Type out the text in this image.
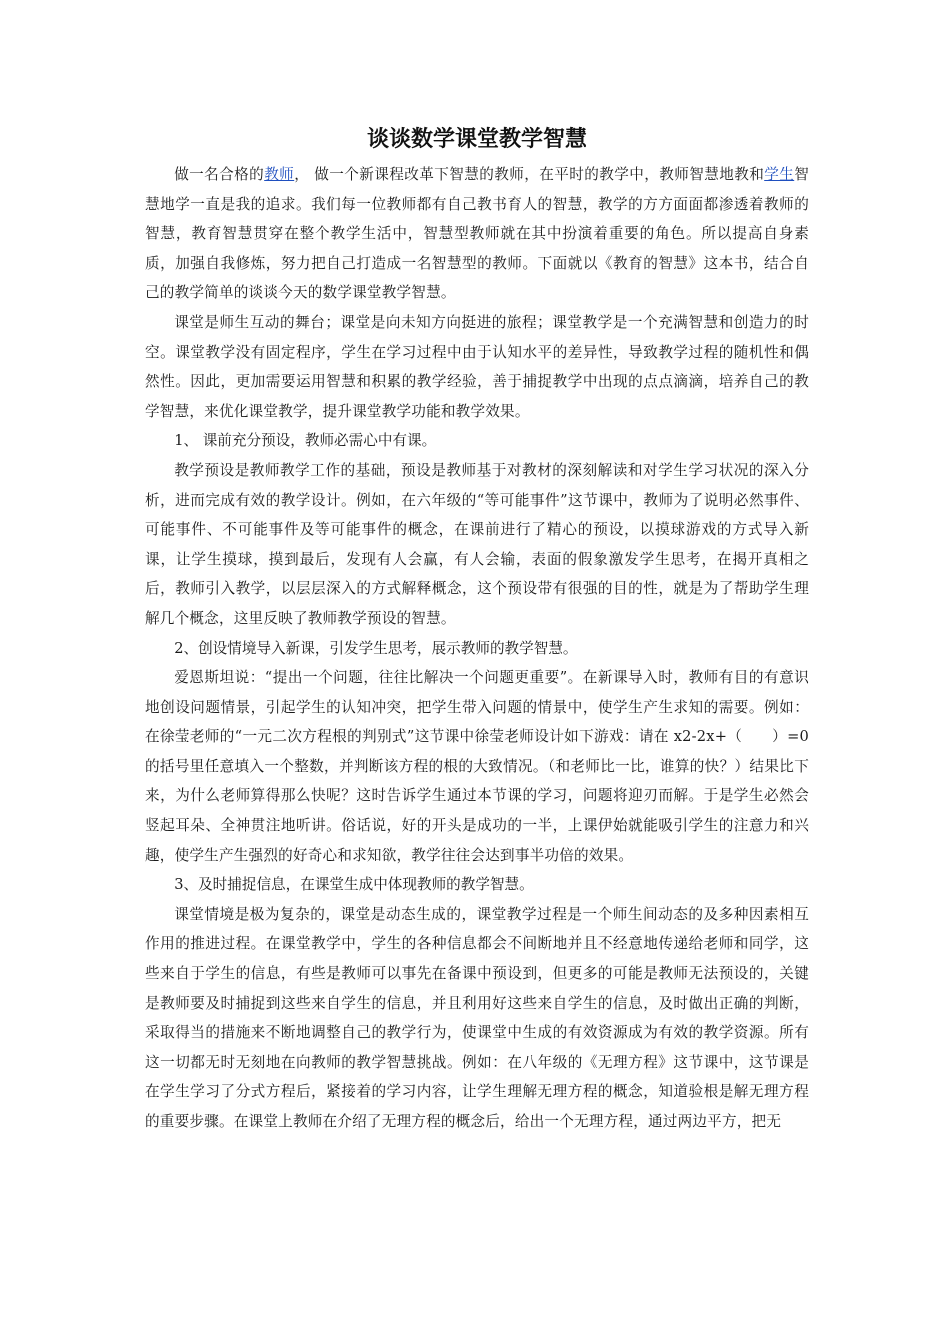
谈谈数学课堂教学智慧

做一名合格的教师， 做一个新课程改革下智慧的教师，在平时的教学中，教师智慧地教和学生智慧地学一直是我的追求。我们每一位教师都有自己教书育人的智慧，教学的方方面面都渗透着教师的智慧，教育智慧贯穿在整个教学生活中，智慧型教师就在其中扮演着重要的角色。所以提高自身素质，加强自我修炼，努力把自己打造成一名智慧型的教师。下面就以《教育的智慧》这本书，结合自己的教学简单的谈谈今天的数学课堂教学智慧。

课堂是师生互动的舞台；课堂是向未知方向挺进的旅程；课堂教学是一个充满智慧和创造力的时空。课堂教学没有固定程序，学生在学习过程中由于认知水平的差异性，导致教学过程的随机性和偶然性。因此，更加需要运用智慧和积累的教学经验，善于捕捉教学中出现的点点滴滴，培养自己的教学智慧，来优化课堂教学，提升课堂教学功能和教学效果。

1、 课前充分预设，教师必需心中有课。

教学预设是教师教学工作的基础，预设是教师基于对教材的深刻解读和对学生学习状况的深入分析，进而完成有效的教学设计。例如，在六年级的“等可能事件”这节课中，教师为了说明必然事件、可能事件、不可能事件及等可能事件的概念，在课前进行了精心的预设，以摸球游戏的方式导入新课，让学生摸球，摸到最后，发现有人会赢，有人会输，表面的假象激发学生思考，在揭开真相之后，教师引入教学，以层层深入的方式解释概念，这个预设带有很强的目的性，就是为了帮助学生理解几个概念，这里反映了教师教学预设的智慧。

2、创设情境导入新课，引发学生思考，展示教师的教学智慧。

爱恩斯坦说：“提出一个问题，往往比解决一个问题更重要”。在新课导入时，教师有目的有意识地创设问题情景，引起学生的认知冲突，把学生带入问题的情景中，使学生产生求知的需要。例如：在徐莹老师的“一元二次方程根的判别式”这节课中徐莹老师设计如下游戏：请在 x2-2x+（　　）=0 的括号里任意填入一个整数，并判断该方程的根的大致情况。（和老师比一比，谁算的快？）结果比下来，为什么老师算得那么快呢？这时告诉学生通过本节课的学习，问题将迎刃而解。于是学生必然会竖起耳朵、全神贯注地听讲。俗话说，好的开头是成功的一半，上课伊始就能吸引学生的注意力和兴趣，使学生产生强烈的好奇心和求知欲，教学往往会达到事半功倍的效果。

3、及时捕捉信息，在课堂生成中体现教师的教学智慧。

课堂情境是极为复杂的，课堂是动态生成的，课堂教学过程是一个师生间动态的及多种因素相互作用的推进过程。在课堂教学中，学生的各种信息都会不间断地并且不经意地传递给老师和同学，这些来自于学生的信息，有些是教师可以事先在备课中预设到，但更多的可能是教师无法预设的，关键是教师要及时捕捉到这些来自学生的信息，并且利用好这些来自学生的信息，及时做出正确的判断，采取得当的措施来不断地调整自己的教学行为，使课堂中生成的有效资源成为有效的教学资源。所有这一切都无时无刻地在向教师的教学智慧挑战。例如：在八年级的《无理方程》这节课中，这节课是在学生学习了分式方程后，紧接着的学习内容，让学生理解无理方程的概念，知道验根是解无理方程的重要步骤。在课堂上教师在介绍了无理方程的概念后，给出一个无理方程，通过两边平方，把无
